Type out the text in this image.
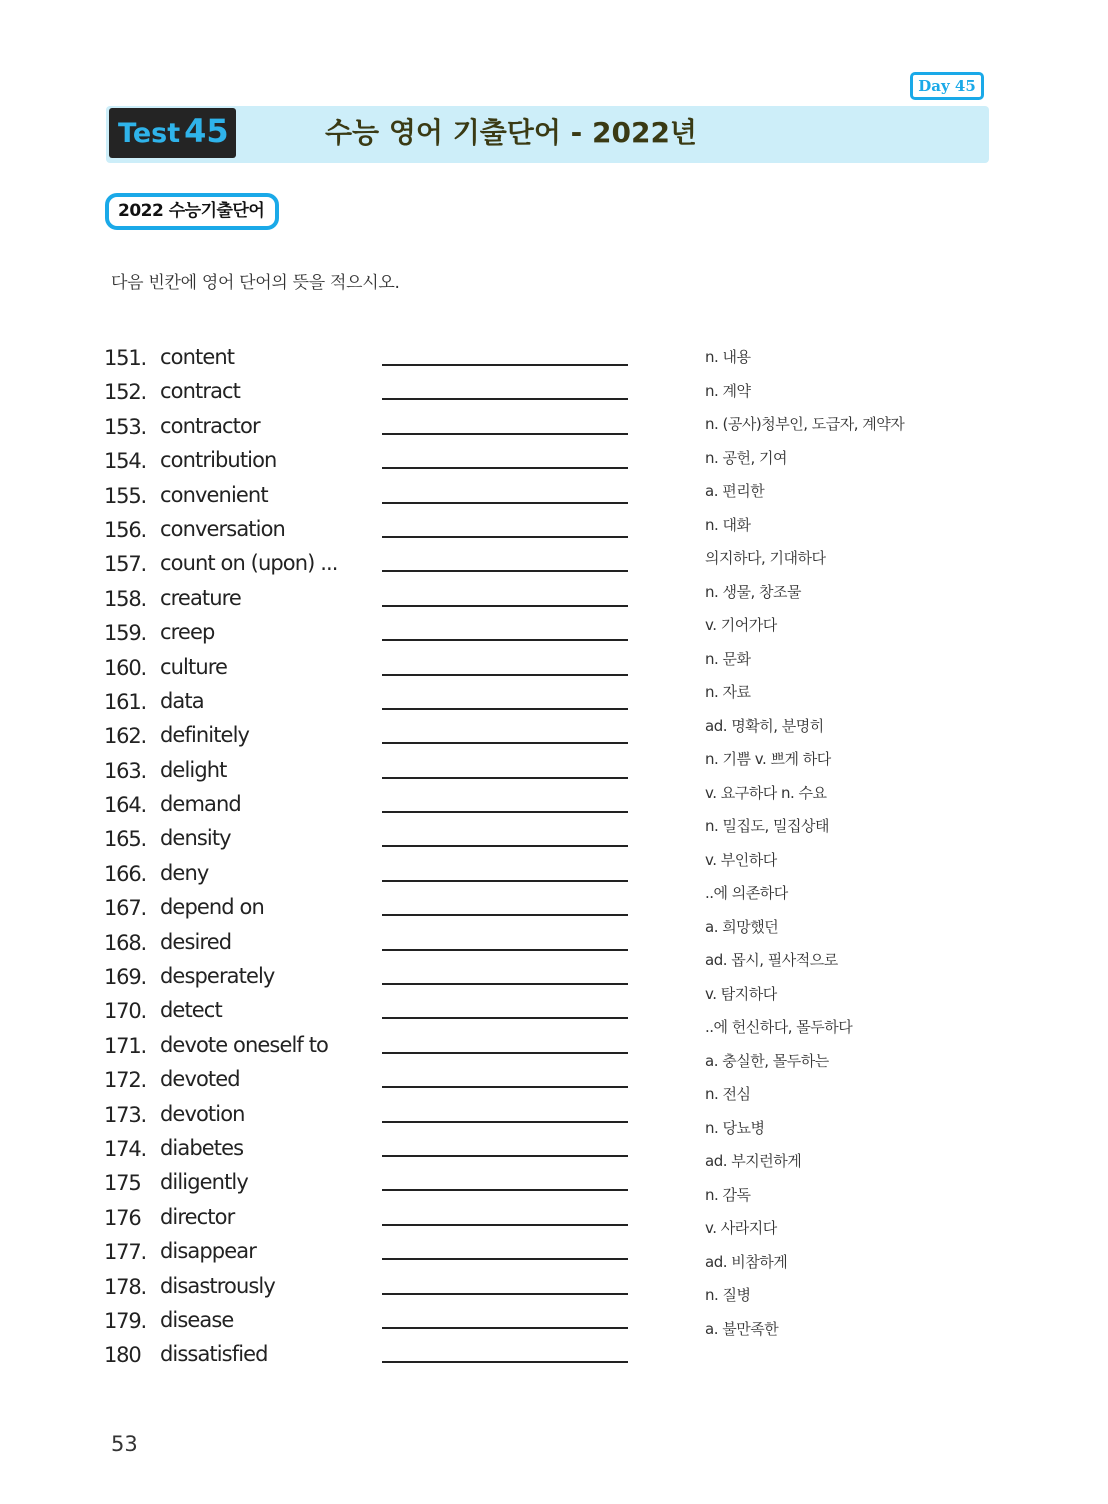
Day 45
Test 45	수능 영어 기출단어 - 2022년
2022 수능기출단어
다음 빈칸에 영어 단어의 뜻을 적으시오.
151. content
152. contract
153. contractor
154. contribution
155. convenient
156. conversation
157. count on (upon) ...
158. creature
159. creep
160. culture
161. data
162. definitely
163. delight
164. demand
165. density
166. deny
167. depend on
168. desired
169. desperately
170. detect
171. devote oneself to
172. devoted
173. devotion
174. diabetes
175 diligently
176 director
177. disappear
178. disastrously
179. disease
180 dissatisfied
n. 내용
n. 계약
n. (공사)청부인, 도급자, 계약자
n. 공헌, 기여
a. 편리한
n. 대화
의지하다, 기대하다
n. 생물, 창조물
v. 기어가다
n. 문화
n. 자료
ad. 명확히, 분명히
n. 기쁨 v. 쁘게 하다
v. 요구하다 n. 수요
n. 밀집도, 밀집상태
v. 부인하다
..에 의존하다
a. 희망했던
ad. 몹시, 필사적으로
v. 탐지하다
..에 헌신하다, 몰두하다
a. 충실한, 몰두하는
n. 전심
n. 당뇨병
ad. 부지런하게
n. 감독
v. 사라지다
ad. 비참하게
n. 질병
a. 불만족한
53
